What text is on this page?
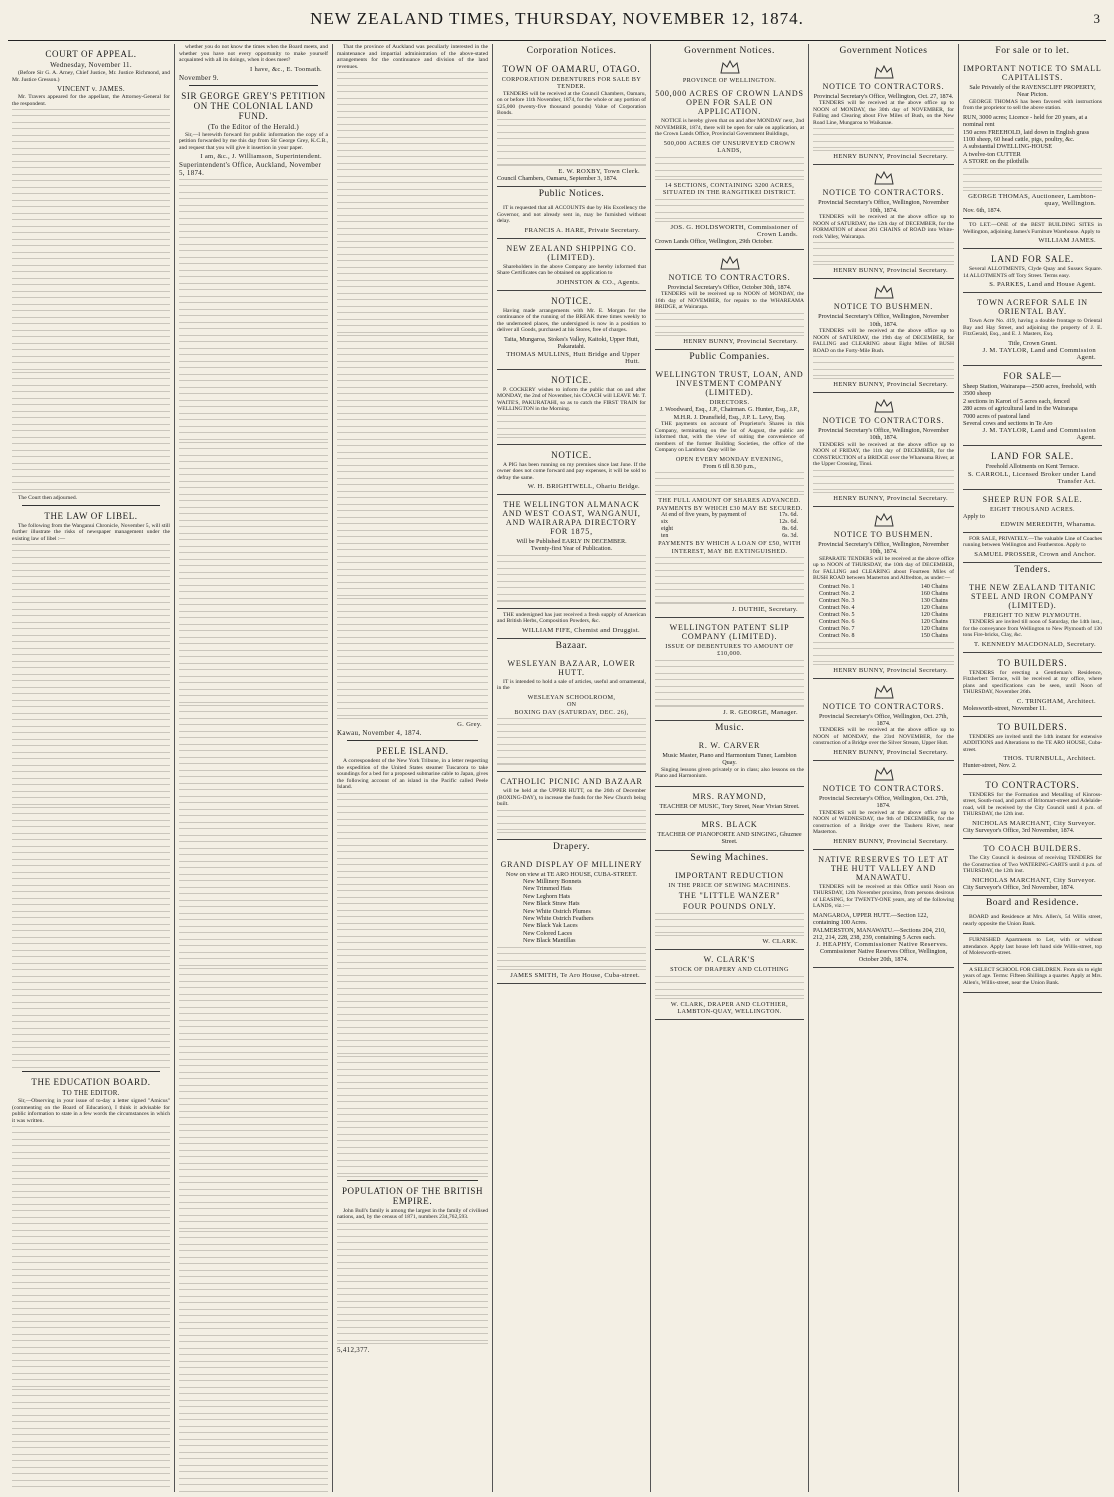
NEW ZEALAND TIMES, THURSDAY, NOVEMBER 12, 1874.	3
COURT OF APPEAL.
Wednesday, November 11.

(Before Sir G. A. Arney, Chief Justice, Mr. Justice Richmond, and Mr. Justice Gresson.)

VINCENT v. JAMES.

Mr. Travers appeared for the appellant, the Attorney-General for the respondent.

The Court then adjourned.

THE LAW OF LIBEL.

The following from the Wanganui Chronicle, November 5, will still further illustrate the risks of newspaper management under the existing law of libel :—

THE EDUCATION BOARD.
TO THE EDITOR.

Sir,—Observing in your issue of to-day a letter signed "Amicus" (commenting on the Board of Education), I think it advisable for public information to state in a few words the circumstances in which it was written.

whether you do not know the times when the Board meets, and whether you have not every opportunity to make yourself acquainted with all its doings, when it does meet?

I have, &c., E. Toomath.
November 9.
SIR GEORGE GREY'S PETITION ON THE COLONIAL LAND FUND.
(To the Editor of the Herald.)

Sir,—I herewith forward for public information the copy of a petition forwarded by me this day from Sir George Grey, K.C.B., and request that you will give it insertion in your paper.

I am, &c., J. Williamson, Superintendent.
Superintendent's Office, Auckland, November 5, 1874.

That the province of Auckland was peculiarly interested in the maintenance and impartial administration of the above-stated arrangements for the continuance and division of the land revenues.

G. Grey.
Kawau, November 4, 1874.
PEELE ISLAND.

A correspondent of the New York Tribune, in a letter respecting the expedition of the United States steamer Tuscarora to take soundings for a bed for a proposed submarine cable to Japan, gives the following account of an island in the Pacific called Peele Island.

POPULATION OF THE BRITISH EMPIRE.

John Bull's family is among the largest in the family of civilised nations, and, by the census of 1871, numbers 234,762,593.

5,412,377.
Corporation Notices.
TOWN OF OAMARU, OTAGO.
CORPORATION DEBENTURES FOR SALE BY TENDER.

TENDERS will be received at the Council Chambers, Oamaru, on or before 11th November, 1874, for the whole or any portion of £25,000 (twenty-five thousand pounds) Value of Corporation Bonds.

E. W. ROXBY, Town Clerk.
Council Chambers, Oamaru, September 3, 1874.
Public Notices.

IT is requested that all ACCOUNTS due by His Excellency the Governor, and not already sent in, may be furnished without delay.

FRANCIS A. HARE, Private Secretary.
NEW ZEALAND SHIPPING CO. (LIMITED).

Shareholders in the above Company are hereby informed that Share Certificates can be obtained on application to

JOHNSTON & CO., Agents.
NOTICE.

Having made arrangements with Mr. E. Morgan for the continuance of the running of the BREAK three times weekly to the undernoted places, the undersigned is now in a position to deliver all Goods, purchased at his Stores, free of charges.

Taita, Mungaroa, Stokes's Valley, Kaitoki, Upper Hutt, Pakaratahi.
THOMAS MULLINS, Hutt Bridge and Upper Hutt.
NOTICE.

P. COCKERY wishes to inform the public that on and after MONDAY, the 2nd of November, his COACH will LEAVE Mr. T. WAITE'S, PAKURATAHI, so as to catch the FIRST TRAIN for WELLINGTON in the Morning.

NOTICE.

A PIG has been running on my premises since last June. If the owner does not come forward and pay expenses, it will be sold to defray the same.

W. H. BRIGHTWELL, Ohariu Bridge.
THE WELLINGTON ALMANACK AND WEST COAST, WANGANUI, AND WAIRARAPA DIRECTORY FOR 1875,
Will be Published EARLY IN DECEMBER.
Twenty-first Year of Publication.

THE undersigned has just received a fresh supply of American and British Herbs, Composition Powders, &c.

WILLIAM FIFE, Chemist and Druggist.
Bazaar.
WESLEYAN BAZAAR, LOWER HUTT.

IT is intended to hold a sale of articles, useful and ornamental, in the

WESLEYAN SCHOOLROOM,
ON
BOXING DAY (SATURDAY, DEC. 26),
CATHOLIC PICNIC AND BAZAAR

will be held at the UPPER HUTT, on the 26th of December (BOXING-DAY), to increase the funds for the New Church being built.

Drapery.
GRAND DISPLAY OF MILLINERY
Now on view at TE ARO HOUSE, CUBA-STREET.
New Millinery Bonnets
New Trimmed Hats
New Leghorn Hats
New Black Straw Hats
New White Ostrich Plumes
New White Ostrich Feathers
New Black Yak Laces
New Colored Laces
New Black Mantillas
JAMES SMITH, Te Aro House, Cuba-street.
Government Notices.
PROVINCE OF WELLINGTON.
500,000 ACRES OF CROWN LANDS OPEN FOR SALE ON APPLICATION.

NOTICE is hereby given that on and after MONDAY next, 2nd NOVEMBER, 1874, there will be open for sale on application, at the Crown Lands Office, Provincial Government Buildings,

500,000 ACRES OF UNSURVEYED CROWN LANDS,
14 SECTIONS, CONTAINING 3200 ACRES, SITUATED IN THE RANGITIKEI DISTRICT.
JOS. G. HOLDSWORTH, Commissioner of Crown Lands.
Crown Lands Office, Wellington, 29th October.
NOTICE TO CONTRACTORS.
Provincial Secretary's Office, October 30th, 1874.

TENDERS will be received up to NOON of MONDAY, the 16th day of NOVEMBER, for repairs to the WHAREAMA BRIDGE, at Wairarapa.

HENRY BUNNY, Provincial Secretary.
Public Companies.
WELLINGTON TRUST, LOAN, AND INVESTMENT COMPANY (LIMITED).
DIRECTORS.
J. Woodward, Esq., J.P., Chairman. G. Hunter, Esq., J.P., M.H.R. J. Dransfield, Esq., J.P. L. Levy, Esq.

THE payments on account of Proprietor's Shares in this Company, terminating on the 1st of August, the public are informed that, with the view of suiting the convenience of members of the former Building Societies, the office of the Company on Lambton Quay will be

OPEN EVERY MONDAY EVENING,
From 6 till 8.30 p.m.,
THE FULL AMOUNT OF SHARES ADVANCED.
PAYMENTS BY WHICH £30 MAY BE SECURED.
At end of five years, by payment of	17s. 6d.
six	12s. 6d.
eight	8s. 6d.
ten	6s. 3d.
PAYMENTS BY WHICH A LOAN OF £50, WITH INTEREST, MAY BE EXTINGUISHED.
J. DUTHIE, Secretary.
WELLINGTON PATENT SLIP COMPANY (LIMITED).
ISSUE OF DEBENTURES TO AMOUNT OF £10,000.
J. R. GEORGE, Manager.
Music.
R. W. CARVER
Music Master, Piano and Harmonium Tuner, Lambton Quay.

Singing lessons given privately or in class; also lessons on the Piano and Harmonium.

MRS. RAYMOND,
TEACHER OF MUSIC, Tory Street, Near Vivian Street.
MRS. BLACK
TEACHER OF PIANOFORTE AND SINGING, Ghuznee Street.
Sewing Machines.
IMPORTANT REDUCTION
IN THE PRICE OF SEWING MACHINES.
THE "LITTLE WANZER"
FOUR POUNDS ONLY.
W. CLARK.
W. CLARK'S
STOCK OF DRAPERY AND CLOTHING
W. CLARK, DRAPER AND CLOTHIER, LAMBTON-QUAY, WELLINGTON.
Government Notices
NOTICE TO CONTRACTORS.
Provincial Secretary's Office, Wellington, Oct. 27, 1874.

TENDERS will be received at the above office up to NOON of MONDAY, the 30th day of NOVEMBER, for Falling and Clearing about Five Miles of Bush, on the New Road Line, Mungaroa to Waikanae.

HENRY BUNNY, Provincial Secretary.
NOTICE TO CONTRACTORS.
Provincial Secretary's Office, Wellington, November 10th, 1874.

TENDERS will be received at the above office up to NOON of SATURDAY, the 12th day of DECEMBER, for the FORMATION of about 261 CHAINS of ROAD into White-rock Valley, Wairarapa.

HENRY BUNNY, Provincial Secretary.
NOTICE TO BUSHMEN.
Provincial Secretary's Office, Wellington, November 10th, 1874.

TENDERS will be received at the above office up to NOON of SATURDAY, the 19th day of DECEMBER, for FALLING and CLEARING about Eight Miles of BUSH ROAD on the Forty-Mile Bush.

HENRY BUNNY, Provincial Secretary.
NOTICE TO CONTRACTORS.
Provincial Secretary's Office, Wellington, November 10th, 1874.

TENDERS will be received at the above office up to NOON of FRIDAY, the 11th day of DECEMBER, for the CONSTRUCTION of a BRIDGE over the Whareama River, at the Upper Crossing, Tinui.

HENRY BUNNY, Provincial Secretary.
NOTICE TO BUSHMEN.
Provincial Secretary's Office, Wellington, November 10th, 1874.

SEPARATE TENDERS will be received at the above office up to NOON of THURSDAY, the 10th day of DECEMBER, for FALLING and CLEARING about Fourteen Miles of BUSH ROAD between Masterton and Alfredton, as under:—

Contract No. 1	140 Chains
Contract No. 2	160 Chains
Contract No. 3	130 Chains
Contract No. 4	120 Chains
Contract No. 5	120 Chains
Contract No. 6	120 Chains
Contract No. 7	120 Chains
Contract No. 8	150 Chains
HENRY BUNNY, Provincial Secretary.
NOTICE TO CONTRACTORS.
Provincial Secretary's Office, Wellington, Oct. 27th, 1874.

TENDERS will be received at the above office up to NOON of MONDAY, the 23rd NOVEMBER, for the construction of a Bridge over the Silver Stream, Upper Hutt.

HENRY BUNNY, Provincial Secretary.
NOTICE TO CONTRACTORS.
Provincial Secretary's Office, Wellington, Oct. 27th, 1874.

TENDERS will be received at the above office up to NOON of WEDNESDAY, the 9th of DECEMBER, for the construction of a Bridge over the Tauheru River, near Masterton.

HENRY BUNNY, Provincial Secretary.
NATIVE RESERVES TO LET AT THE HUTT VALLEY AND MANAWATU.

TENDERS will be received at this Office until Noon on THURSDAY, 12th November proximo, from persons desirous of LEASING, for TWENTY-ONE years, any of the following LANDS, viz.:—

MANGAROA, UPPER HUTT.—Section 122, containing 100 Acres.
PALMERSTON, MANAWATU.—Sections 204, 210, 212, 214, 228, 238, 239, containing 5 Acres each.
J. HEAPHY, Commissioner Native Reserves.
Commissioner Native Reserves Office, Wellington, October 20th, 1874.
For sale or to let.
IMPORTANT NOTICE TO SMALL CAPITALISTS.
Sale Privately of the RAVENSCLIFF PROPERTY, Near Picton.

GEORGE THOMAS has been favored with instructions from the proprietor to sell the above station.

RUN, 3000 acres; Licence - held for 20 years, at a nominal rent
150 acres FREEHOLD, laid down in English grass
1100 sheep, 60 head cattle, pigs, poultry, &c.
A substantial DWELLING-HOUSE
A twelve-ton CUTTER
A STORE on the pilothills
GEORGE THOMAS, Auctioneer, Lambton-quay, Wellington.
Nov. 6th, 1874.

TO LET.—ONE of the BEST BUILDING SITES in Wellington, adjoining James's Furniture Warehouse. Apply to

WILLIAM JAMES.
LAND FOR SALE.

Several ALLOTMENTS, Clyde Quay and Sussex Square. 14 ALLOTMENTS off Tory Street. Terms easy.

S. PARKES, Land and House Agent.
TOWN ACREFOR SALE IN ORIENTAL BAY.

Town Acre No. 419, having a double frontage to Oriental Bay and Hay Street, and adjoining the property of J. E. FitzGerald, Esq., and E. J. Masters, Esq.

Title, Crown Grant.
J. M. TAYLOR, Land and Commission Agent.
FOR SALE—
Sheep Station, Wairarapa—2500 acres, freehold, with 3500 sheep
2 sections in Karori of 5 acres each, fenced
280 acres of agricultural land in the Wairarapa
7000 acres of pastoral land
Several cows and sections in Te Aro
J. M. TAYLOR, Land and Commission Agent.
LAND FOR SALE.
Freehold Allotments on Kent Terrace.
S. CARROLL, Licensed Broker under Land Transfer Act.
SHEEP RUN FOR SALE.
EIGHT THOUSAND ACRES.
Apply to
EDWIN MEREDITH, Wharama.

FOR SALE, PRIVATELY.—The valuable Line of Coaches running between Wellington and Featherston. Apply to

SAMUEL PROSSER, Crown and Anchor.
Tenders.
THE NEW ZEALAND TITANIC STEEL AND IRON COMPANY (LIMITED).
FREIGHT TO NEW PLYMOUTH.

TENDERS are invited till noon of Saturday, the 14th inst., for the conveyance from Wellington to New Plymouth of 130 tons Fire-bricks, Clay, &c.

T. KENNEDY MACDONALD, Secretary.
TO BUILDERS.

TENDERS for erecting a Gentleman's Residence, Fitzherbert Terrace, will be received at my office, where plans and specifications can be seen, until Noon of THURSDAY, November 26th.

C. TRINGHAM, Architect.
Molesworth-street, November 11.
TO BUILDERS.

TENDERS are invited until the 14th instant for extensive ADDITIONS and Alterations to the TE ARO HOUSE, Cuba-street.

THOS. TURNBULL, Architect.
Hunter-street, Nov. 2.
TO CONTRACTORS.

TENDERS for the Formation and Metalling of Kinross-street, South-road, and parts of Britomart-street and Adelaide-road, will be received by the City Council until 4 p.m. of THURSDAY, the 12th inst.

NICHOLAS MARCHANT, City Surveyor.
City Surveyor's Office, 3rd November, 1874.
TO COACH BUILDERS.

The City Council is desirous of receiving TENDERS for the Construction of Two WATERING-CARTS until 4 p.m. of THURSDAY, the 12th inst.

NICHOLAS MARCHANT, City Surveyor.
City Surveyor's Office, 3rd November, 1874.
Board and Residence.

BOARD and Residence at Mrs. Allen's, 54 Willis street, nearly opposite the Union Bank.

FURNISHED Apartments to Let, with or without attendance. Apply last house left hand side Willis-street, top of Molesworth-street.

A SELECT SCHOOL FOR CHILDREN. From six to eight years of age. Terms: Fifteen Shillings a quarter. Apply at Mrs. Allen's, Willis-street, near the Union Bank.
